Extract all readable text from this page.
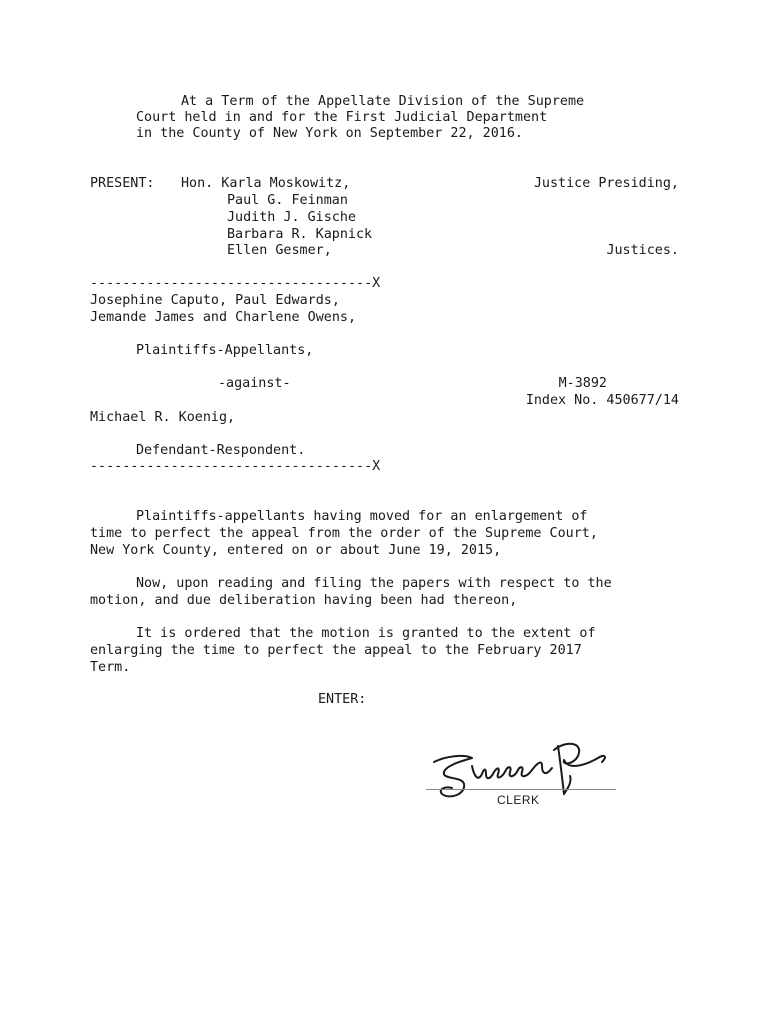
At a Term of the Appellate Division of the Supreme
Court held in and for the First Judicial Department
in the County of New York on September 22, 2016.
PRESENT: Hon. Karla Moskowitz,
Paul G. Feinman
Judith J. Gische
Barbara R. Kapnick
Ellen Gesmer,
Justice Presiding,
Justices.
-----------------------------------X
Josephine Caputo, Paul Edwards,
Jemande James and Charlene Owens,
Plaintiffs-Appellants,
-against-	M-3892
Index No. 450677/14
Michael R. Koenig,
Defendant-Respondent.
-----------------------------------X
Plaintiffs-appellants having moved for an enlargement of
time to perfect the appeal from the order of the Supreme Court,
New York County, entered on or about June 19, 2015,
Now, upon reading and filing the papers with respect to the
motion, and due deliberation having been had thereon,
It is ordered that the motion is granted to the extent of
enlarging the time to perfect the appeal to the February 2017
Term.
ENTER:
CLERK
